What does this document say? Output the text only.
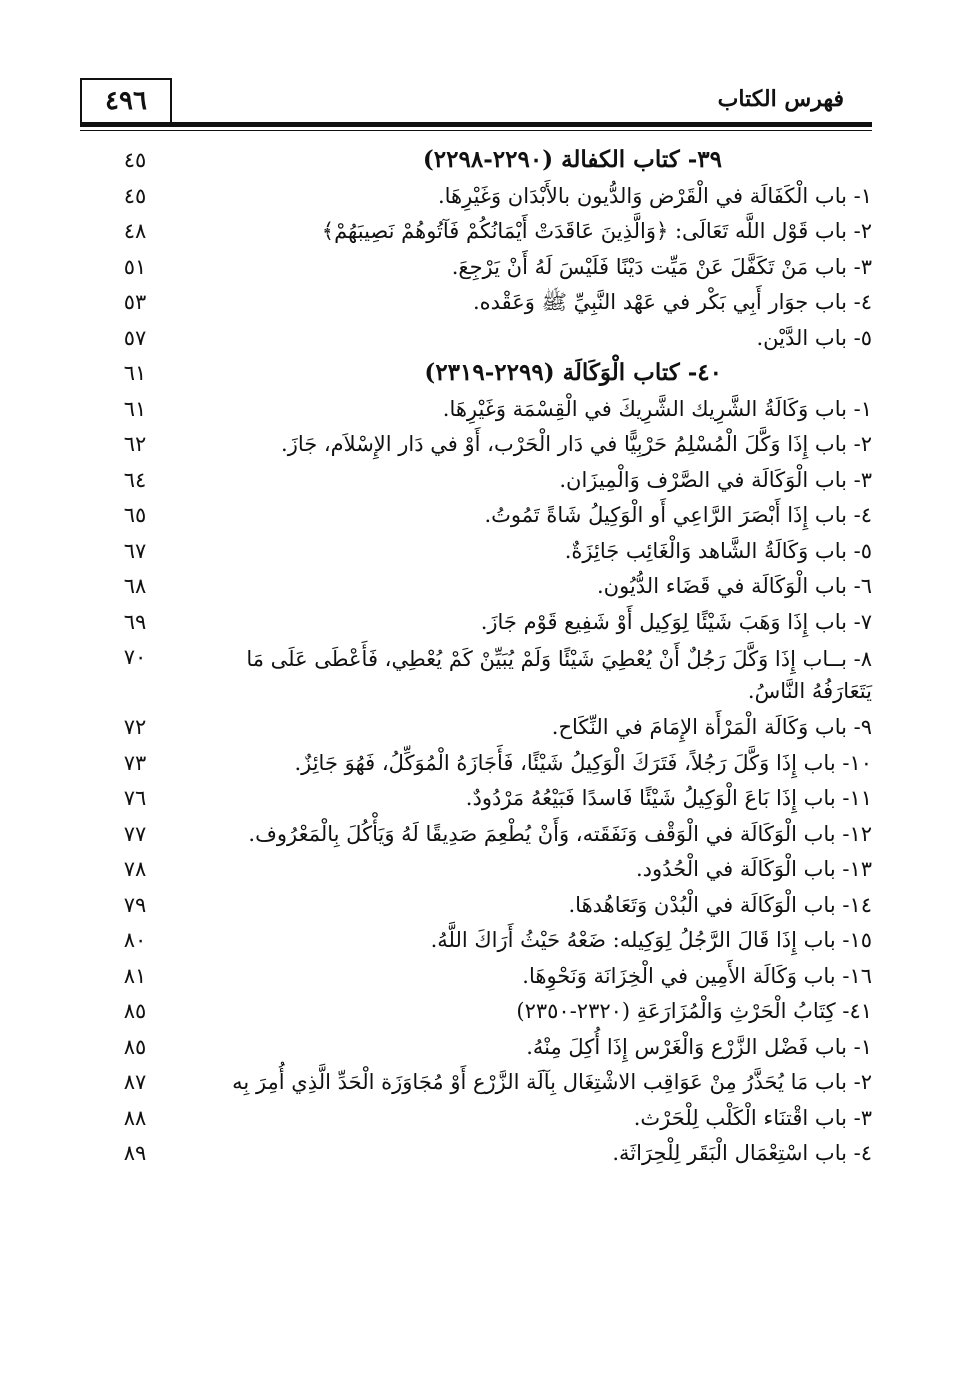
٤٩٦	فهرس الكتاب
٣٩- كتاب الكفالة (٢٢٩٠-٢٢٩٨)
٤٥
١- باب الْكَفَالَة في الْقَرْض وَالدُّيون بالأَبْدَان وَغَيْرِهَا.
٤٥
٢- باب قَوْل اللَّه تَعَالَى: ﴿وَالَّذِينَ عَاقَدَتْ أَيْمَانُكُمْ فَآتُوهُمْ نَصِيبَهُمْ﴾
٤٨
٣- باب مَنْ تَكَفَّلَ عَنْ مَيِّت دَيْنًا فَلَيْسَ لَهُ أَنْ يَرْجِعَ.
٥١
٤- باب جوَار أَبِي بَكْر في عَهْد النَّبِيِّ ﷺ وَعَقْده.
٥٣
٥- باب الدَّيْن.
٥٧
٤٠- كتاب الْوَكَالَة (٢٢٩٩-٢٣١٩)
٦١
١- باب وَكَالَةُ الشَّرِيك الشَّرِيكَ في الْقِسْمَة وَغَيْرِهَا.
٦١
٢- باب إِذَا وَكَّلَ الْمُسْلِمُ حَرْبِيًّا في دَار الْحَرْب، أَوْ في دَار الإِسْلاَم، جَازَ.
٦٢
٣- باب الْوَكَالَة في الصَّرْف وَالْمِيزَان.
٦٤
٤- باب إِذَا أَبْصَرَ الرَّاعِي أَو الْوَكِيلُ شَاةً تَمُوتُ.
٦٥
٥- باب وَكَالَةُ الشَّاهد وَالْغَائِب جَائِزَةٌ.
٦٧
٦- باب الْوَكَالَة في قَضَاء الدُّيُون.
٦٨
٧- باب إِذَا وَهَبَ شَيْئًا لِوَكِيل أَوْ شَفِيع قَوْم جَازَ.
٦٩
٨- بــاب إِذَا وَكَّلَ رَجُلٌ أَنْ يُعْطِيَ شَيْئًا وَلَمْ يُبَيِّنْ كَمْ يُعْطِي، فَأَعْطَى عَلَى مَا يَتَعَارَفُهُ النَّاسُ.
٧٠
٩- باب وَكَالَة الْمَرْأَة الإِمَامَ في النِّكَاح.
٧٢
١٠- باب إِذَا وَكَّلَ رَجُلاً، فَتَرَكَ الْوَكِيلُ شَيْئًا، فَأَجَازَهُ الْمُوَكِّلُ، فَهُوَ جَائِزٌ.
٧٣
١١- باب إِذَا بَاعَ الْوَكِيلُ شَيْئًا فَاسدًا فَبَيْعُهُ مَرْدُودٌ.
٧٦
١٢- باب الْوَكَالَة في الْوَقْف وَنَفَقَته، وَأَنْ يُطْعِمَ صَدِيقًا لَهُ وَيَأْكُلَ بِالْمَعْرُوف.
٧٧
١٣- باب الْوَكَالَة في الْحُدُود.
٧٨
١٤- باب الْوَكَالَة في الْبُدْن وَتَعَاهُدهَا.
٧٩
١٥- باب إِذَا قَالَ الرَّجُلُ لِوَكِيله: ضَعْهُ حَيْثُ أَرَاكَ اللَّهُ.
٨٠
١٦- باب وَكَالَة الأَمِين في الْخِزَانَة وَنَحْوِهَا.
٨١
٤١- كِتَابُ الْحَرْثِ وَالْمُزَارَعَةِ (٢٣٢٠-٢٣٥٠)
٨٥
١- باب فَضْل الزَّرْع وَالْغَرْس إِذَا أُكِلَ مِنْهُ.
٨٥
٢- باب مَا يُحَذَّرُ مِنْ عَوَاقِب الاشْتِغَال بِآلَة الزَّرْع أَوْ مُجَاوَزَة الْحَدِّ الَّذِي أُمِرَ بِه
٨٧
٣- باب اقْتنَاء الْكَلْب لِلْحَرْث.
٨٨
٤- باب اسْتِعْمَال الْبَقَر لِلْحِرَاثَة.
٨٩
